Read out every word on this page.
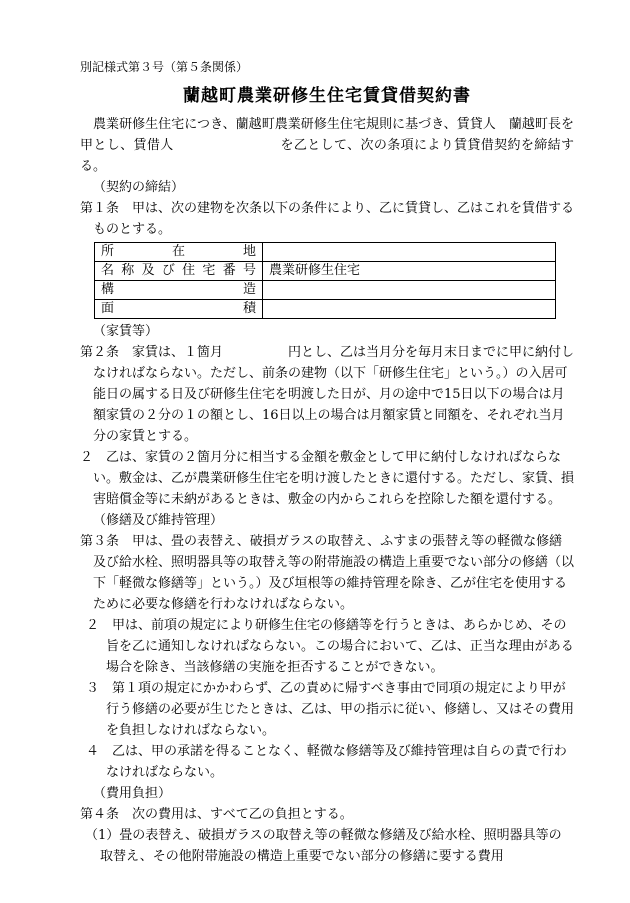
別記様式第３号（第５条関係）

蘭越町農業研修生住宅賃貸借契約書

農業研修生住宅につき、蘭越町農業研修生住宅規則に基づき、賃貸人　蘭越町長を甲とし、賃借人　　　　　　　　を乙として、次の条項により賃貸借契約を締結する。

（契約の締結）

第１条　甲は、次の建物を次条以下の条件により、乙に賃貸し、乙はこれを賃借するものとする。

所在地	
名称及び住宅番号	農業研修生住宅
構造	
面積	

（家賃等）

第２条　家賃は、１箇月　　　　　円とし、乙は当月分を毎月末日までに甲に納付しなければならない。ただし、前条の建物（以下「研修生住宅」という。）の入居可能日の属する日及び研修生住宅を明渡した日が、月の途中で15日以下の場合は月額家賃の２分の１の額とし、16日以上の場合は月額家賃と同額を、それぞれ当月分の家賃とする。

２　乙は、家賃の２箇月分に相当する金額を敷金として甲に納付しなければならない。敷金は、乙が農業研修生住宅を明け渡したときに還付する。ただし、家賃、損害賠償金等に未納があるときは、敷金の内からこれらを控除した額を還付する。

（修繕及び維持管理）

第３条　甲は、畳の表替え、破損ガラスの取替え、ふすまの張替え等の軽微な修繕及び給水栓、照明器具等の取替え等の附帯施設の構造上重要でない部分の修繕（以下「軽微な修繕等」という。）及び垣根等の維持管理を除き、乙が住宅を使用するために必要な修繕を行わなければならない。

２　甲は、前項の規定により研修生住宅の修繕等を行うときは、あらかじめ、その旨を乙に通知しなければならない。この場合において、乙は、正当な理由がある場合を除き、当該修繕の実施を拒否することができない。

３　第１項の規定にかかわらず、乙の責めに帰すべき事由で同項の規定により甲が行う修繕の必要が生じたときは、乙は、甲の指示に従い、修繕し、又はその費用を負担しなければならない。

４　乙は、甲の承諾を得ることなく、軽微な修繕等及び維持管理は自らの責で行わなければならない。

（費用負担）

第４条　次の費用は、すべて乙の負担とする。

（1）畳の表替え、破損ガラスの取替え等の軽微な修繕及び給水栓、照明器具等の取替え、その他附帯施設の構造上重要でない部分の修繕に要する費用
